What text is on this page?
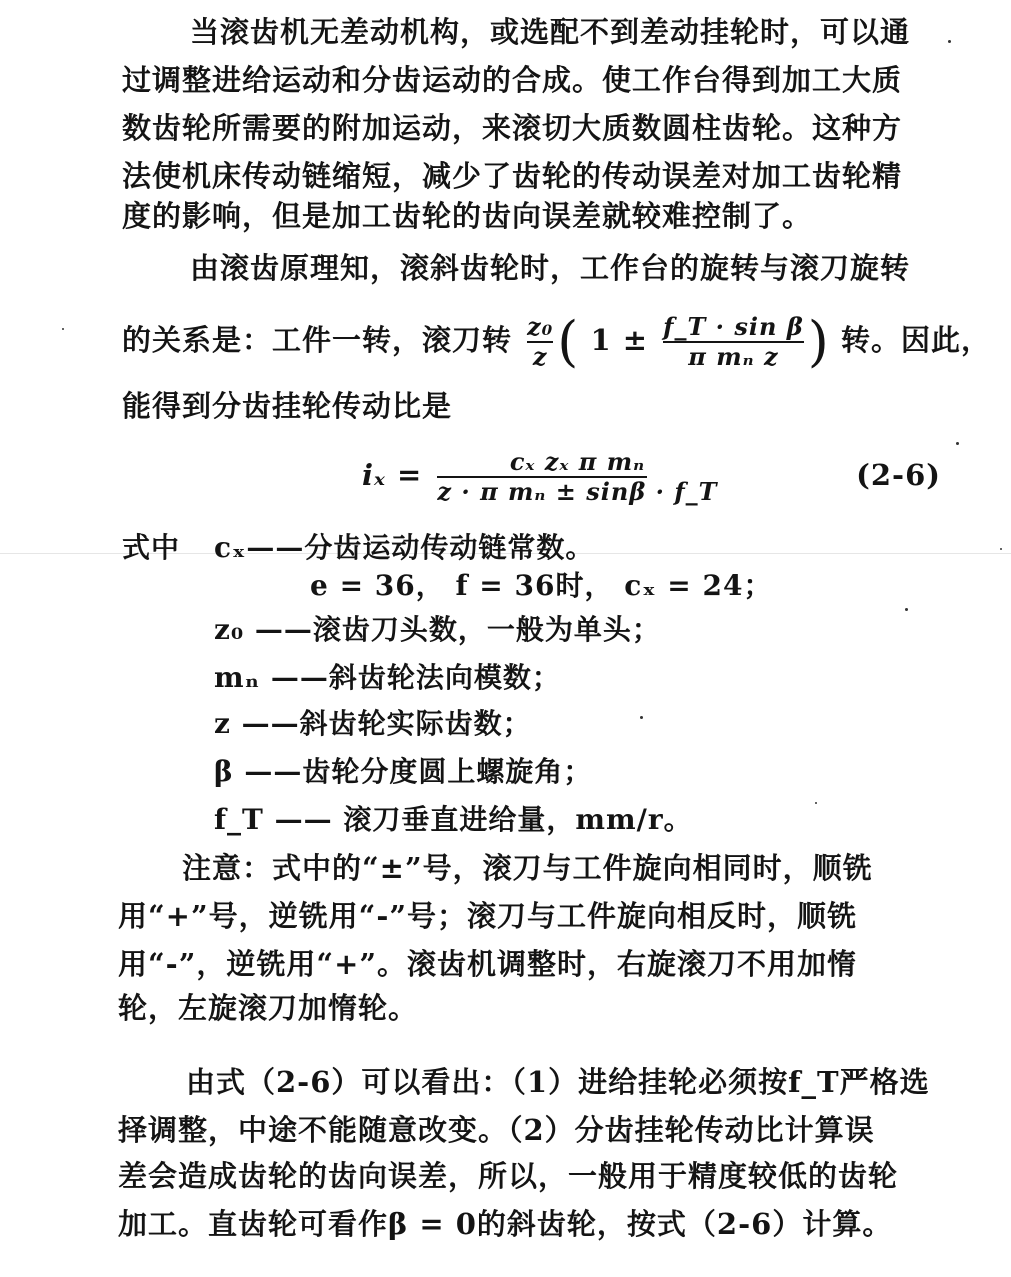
当滚齿机无差动机构，或选配不到差动挂轮时，可以通
过调整进给运动和分齿运动的合成。使工作台得到加工大质
数齿轮所需要的附加运动，来滚切大质数圆柱齿轮。这种方
法使机床传动链缩短，减少了齿轮的传动误差对加工齿轮精
度的影响，但是加工齿轮的齿向误差就较难控制了。
由滚齿原理知，滚斜齿轮时，工作台的旋转与滚刀旋转
的关系是：工件一转，滚刀转 $\frac{\text{z₀}}{z}$ ( $1 \pm \frac{\text{f\_T · sin β}}{\text{π mₙ z}}$ ) 转。因此，
能得到分齿挂轮传动比是
$i_x = \frac{\text{cₓ zₓ π mₙ}}{\text{z · π mₙ ± sinβ · f\_T}}$	(2-6)
式中 cₓ——分齿运动传动链常数。
e = 36， f = 36时， cₓ = 24；
z₀ ——滚齿刀头数，一般为单头；
mₙ ——斜齿轮法向模数；
z ——斜齿轮实际齿数；
β ——齿轮分度圆上螺旋角；
f_T —— 滚刀垂直进给量，mm/r。
注意：式中的“±”号，滚刀与工件旋向相同时，顺铣
用“+”号，逆铣用“-”号；滚刀与工件旋向相反时，顺铣
用“-”，逆铣用“+”。滚齿机调整时，右旋滚刀不用加惰
轮，左旋滚刀加惰轮。
由式（2-6）可以看出：（1）进给挂轮必须按f_T严格选
择调整，中途不能随意改变。（2）分齿挂轮传动比计算误
差会造成齿轮的齿向误差，所以，一般用于精度较低的齿轮
加工。直齿轮可看作β = 0的斜齿轮，按式（2-6）计算。
